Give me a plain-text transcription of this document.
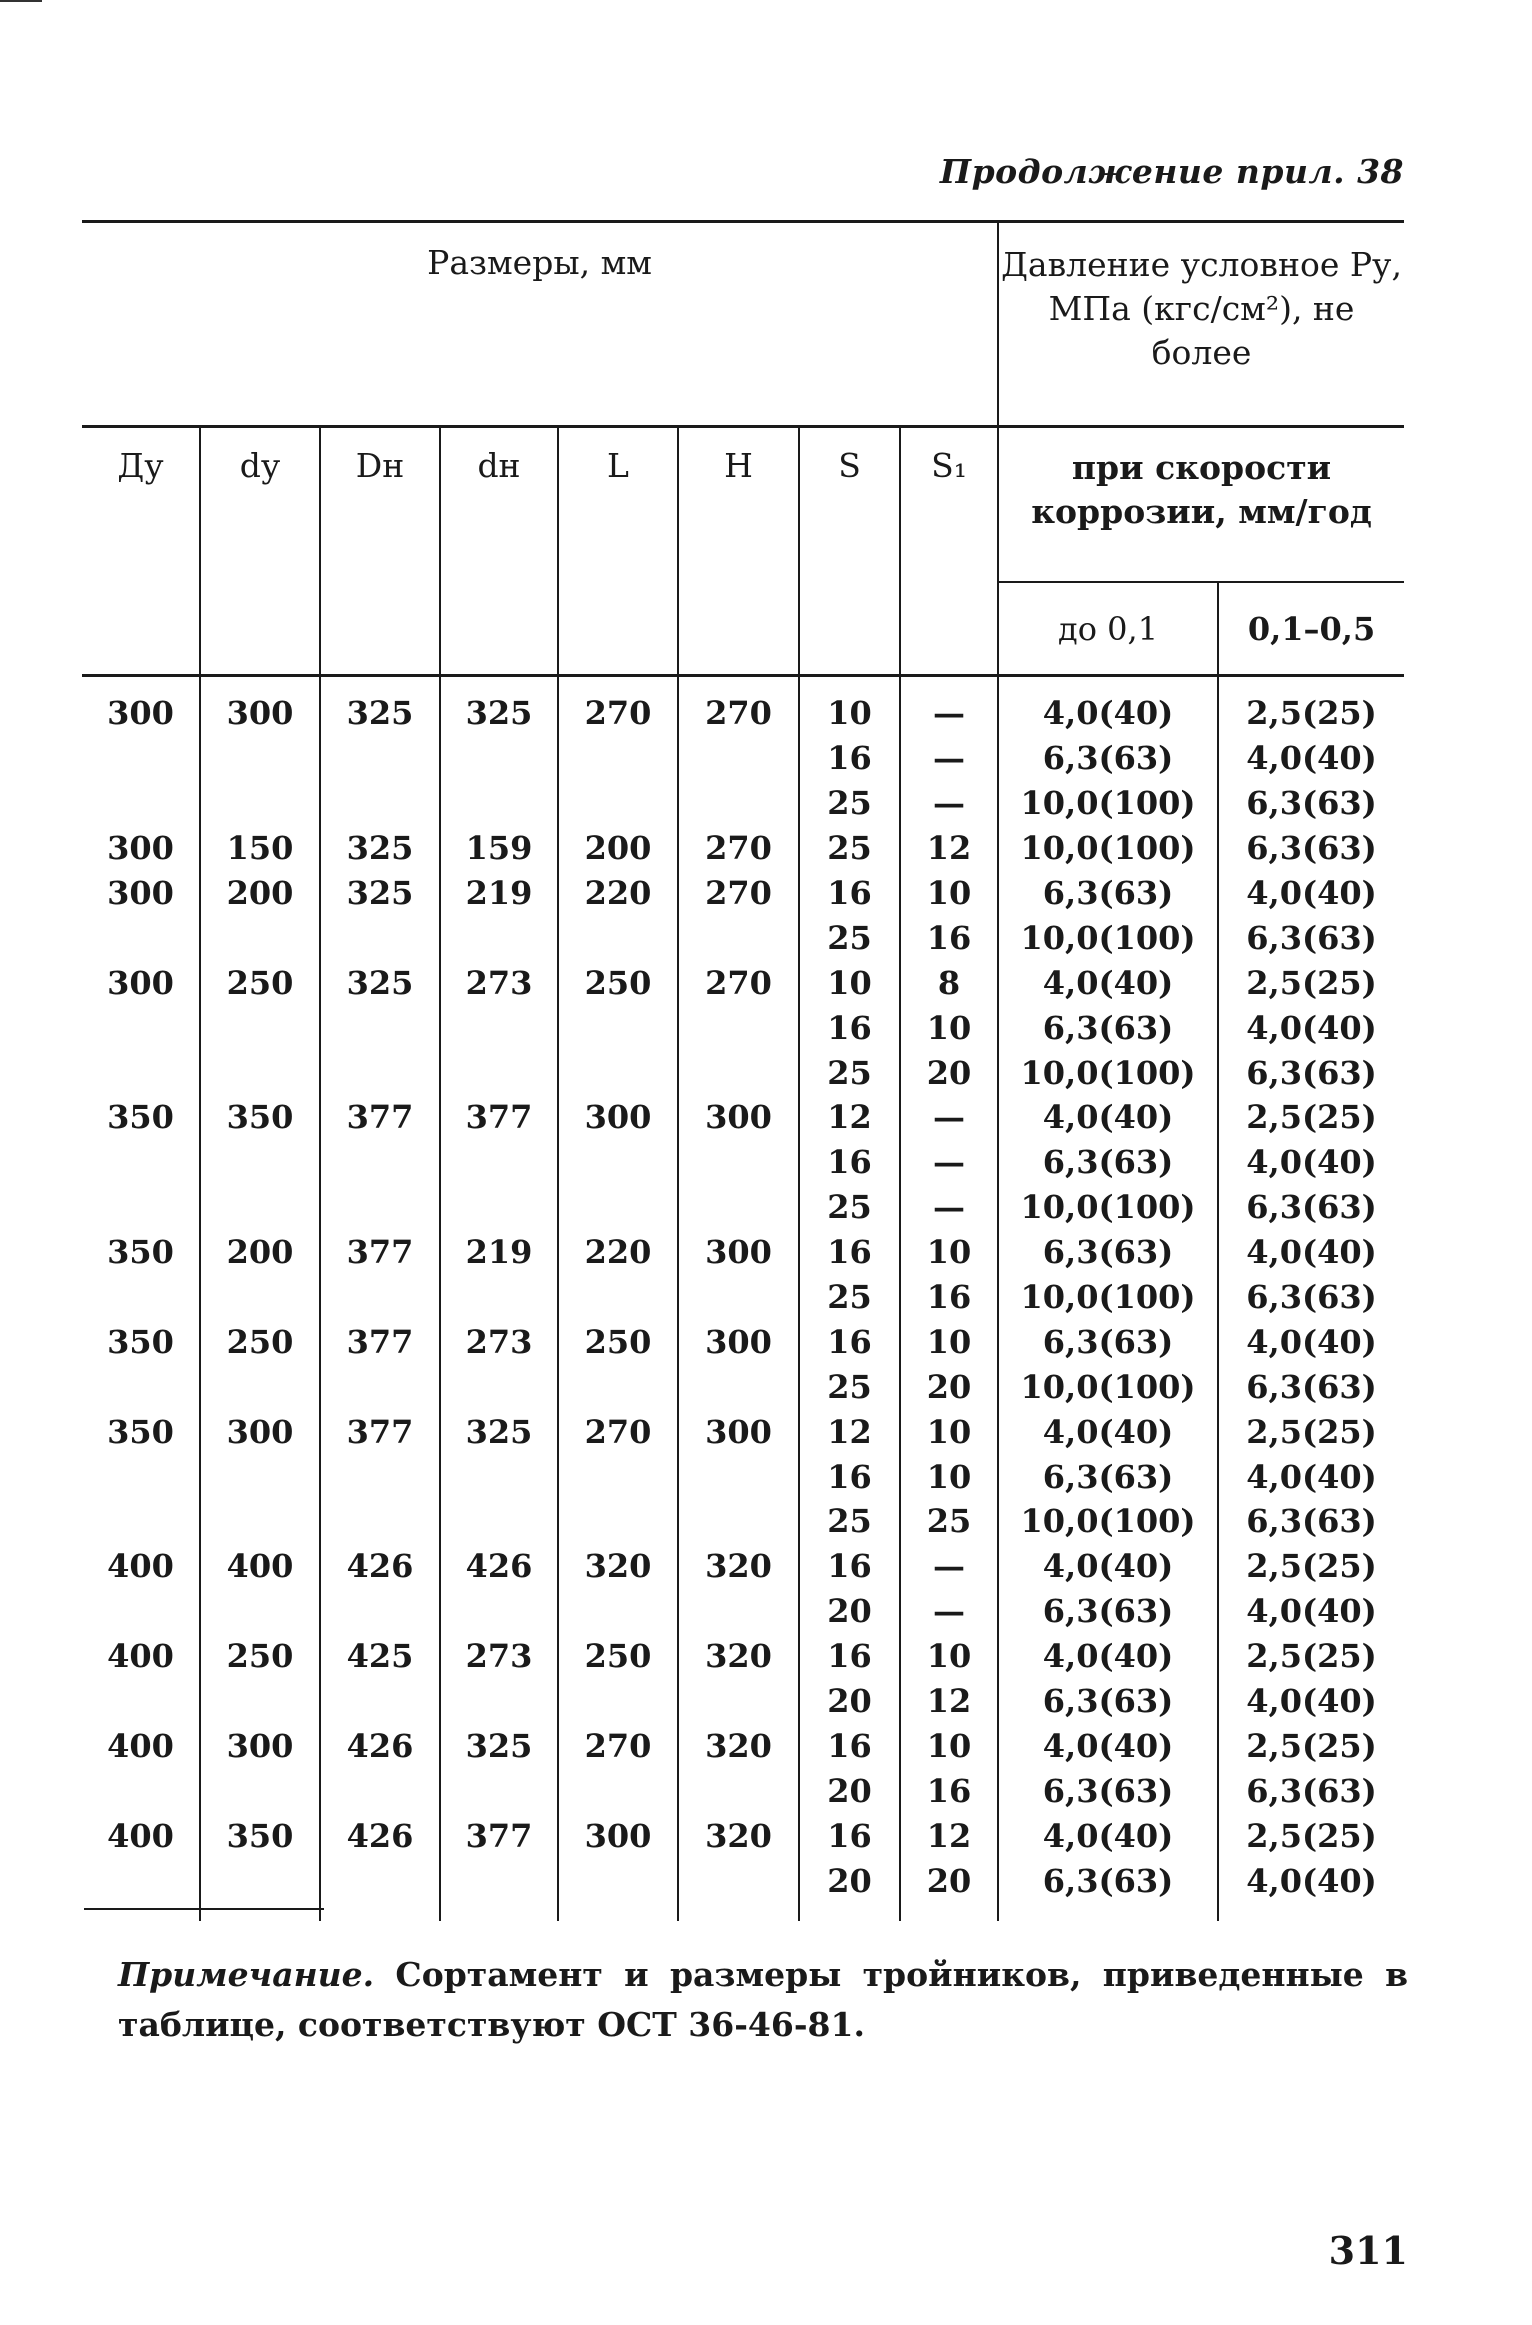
Продолжение прил. 38
Размеры, мм								Давление условное Ру, МПа (кгс/см²), не более	
Ду	dу	Dн	dн	L	H	S	S₁	при скорости коррозии, мм/год	
								до 0,1	0,1–0,5
300	300	325	325	270	270	10	—	4,0(40)	2,5(25)
						16	—	6,3(63)	4,0(40)
						25	—	10,0(100)	6,3(63)
300	150	325	159	200	270	25	12	10,0(100)	6,3(63)
300	200	325	219	220	270	16	10	6,3(63)	4,0(40)
						25	16	10,0(100)	6,3(63)
300	250	325	273	250	270	10	8	4,0(40)	2,5(25)
						16	10	6,3(63)	4,0(40)
						25	20	10,0(100)	6,3(63)
350	350	377	377	300	300	12	—	4,0(40)	2,5(25)
						16	—	6,3(63)	4,0(40)
						25	—	10,0(100)	6,3(63)
350	200	377	219	220	300	16	10	6,3(63)	4,0(40)
						25	16	10,0(100)	6,3(63)
350	250	377	273	250	300	16	10	6,3(63)	4,0(40)
						25	20	10,0(100)	6,3(63)
350	300	377	325	270	300	12	10	4,0(40)	2,5(25)
						16	10	6,3(63)	4,0(40)
						25	25	10,0(100)	6,3(63)
400	400	426	426	320	320	16	—	4,0(40)	2,5(25)
						20	—	6,3(63)	4,0(40)
400	250	425	273	250	320	16	10	4,0(40)	2,5(25)
						20	12	6,3(63)	4,0(40)
400	300	426	325	270	320	16	10	4,0(40)	2,5(25)
						20	16	6,3(63)	6,3(63)
400	350	426	377	300	320	16	12	4,0(40)	2,5(25)
						20	20	6,3(63)	4,0(40)
Примечание. Сортамент и размеры тройников, приведенные в таблице, соответствуют ОСТ 36-46-81.
311
